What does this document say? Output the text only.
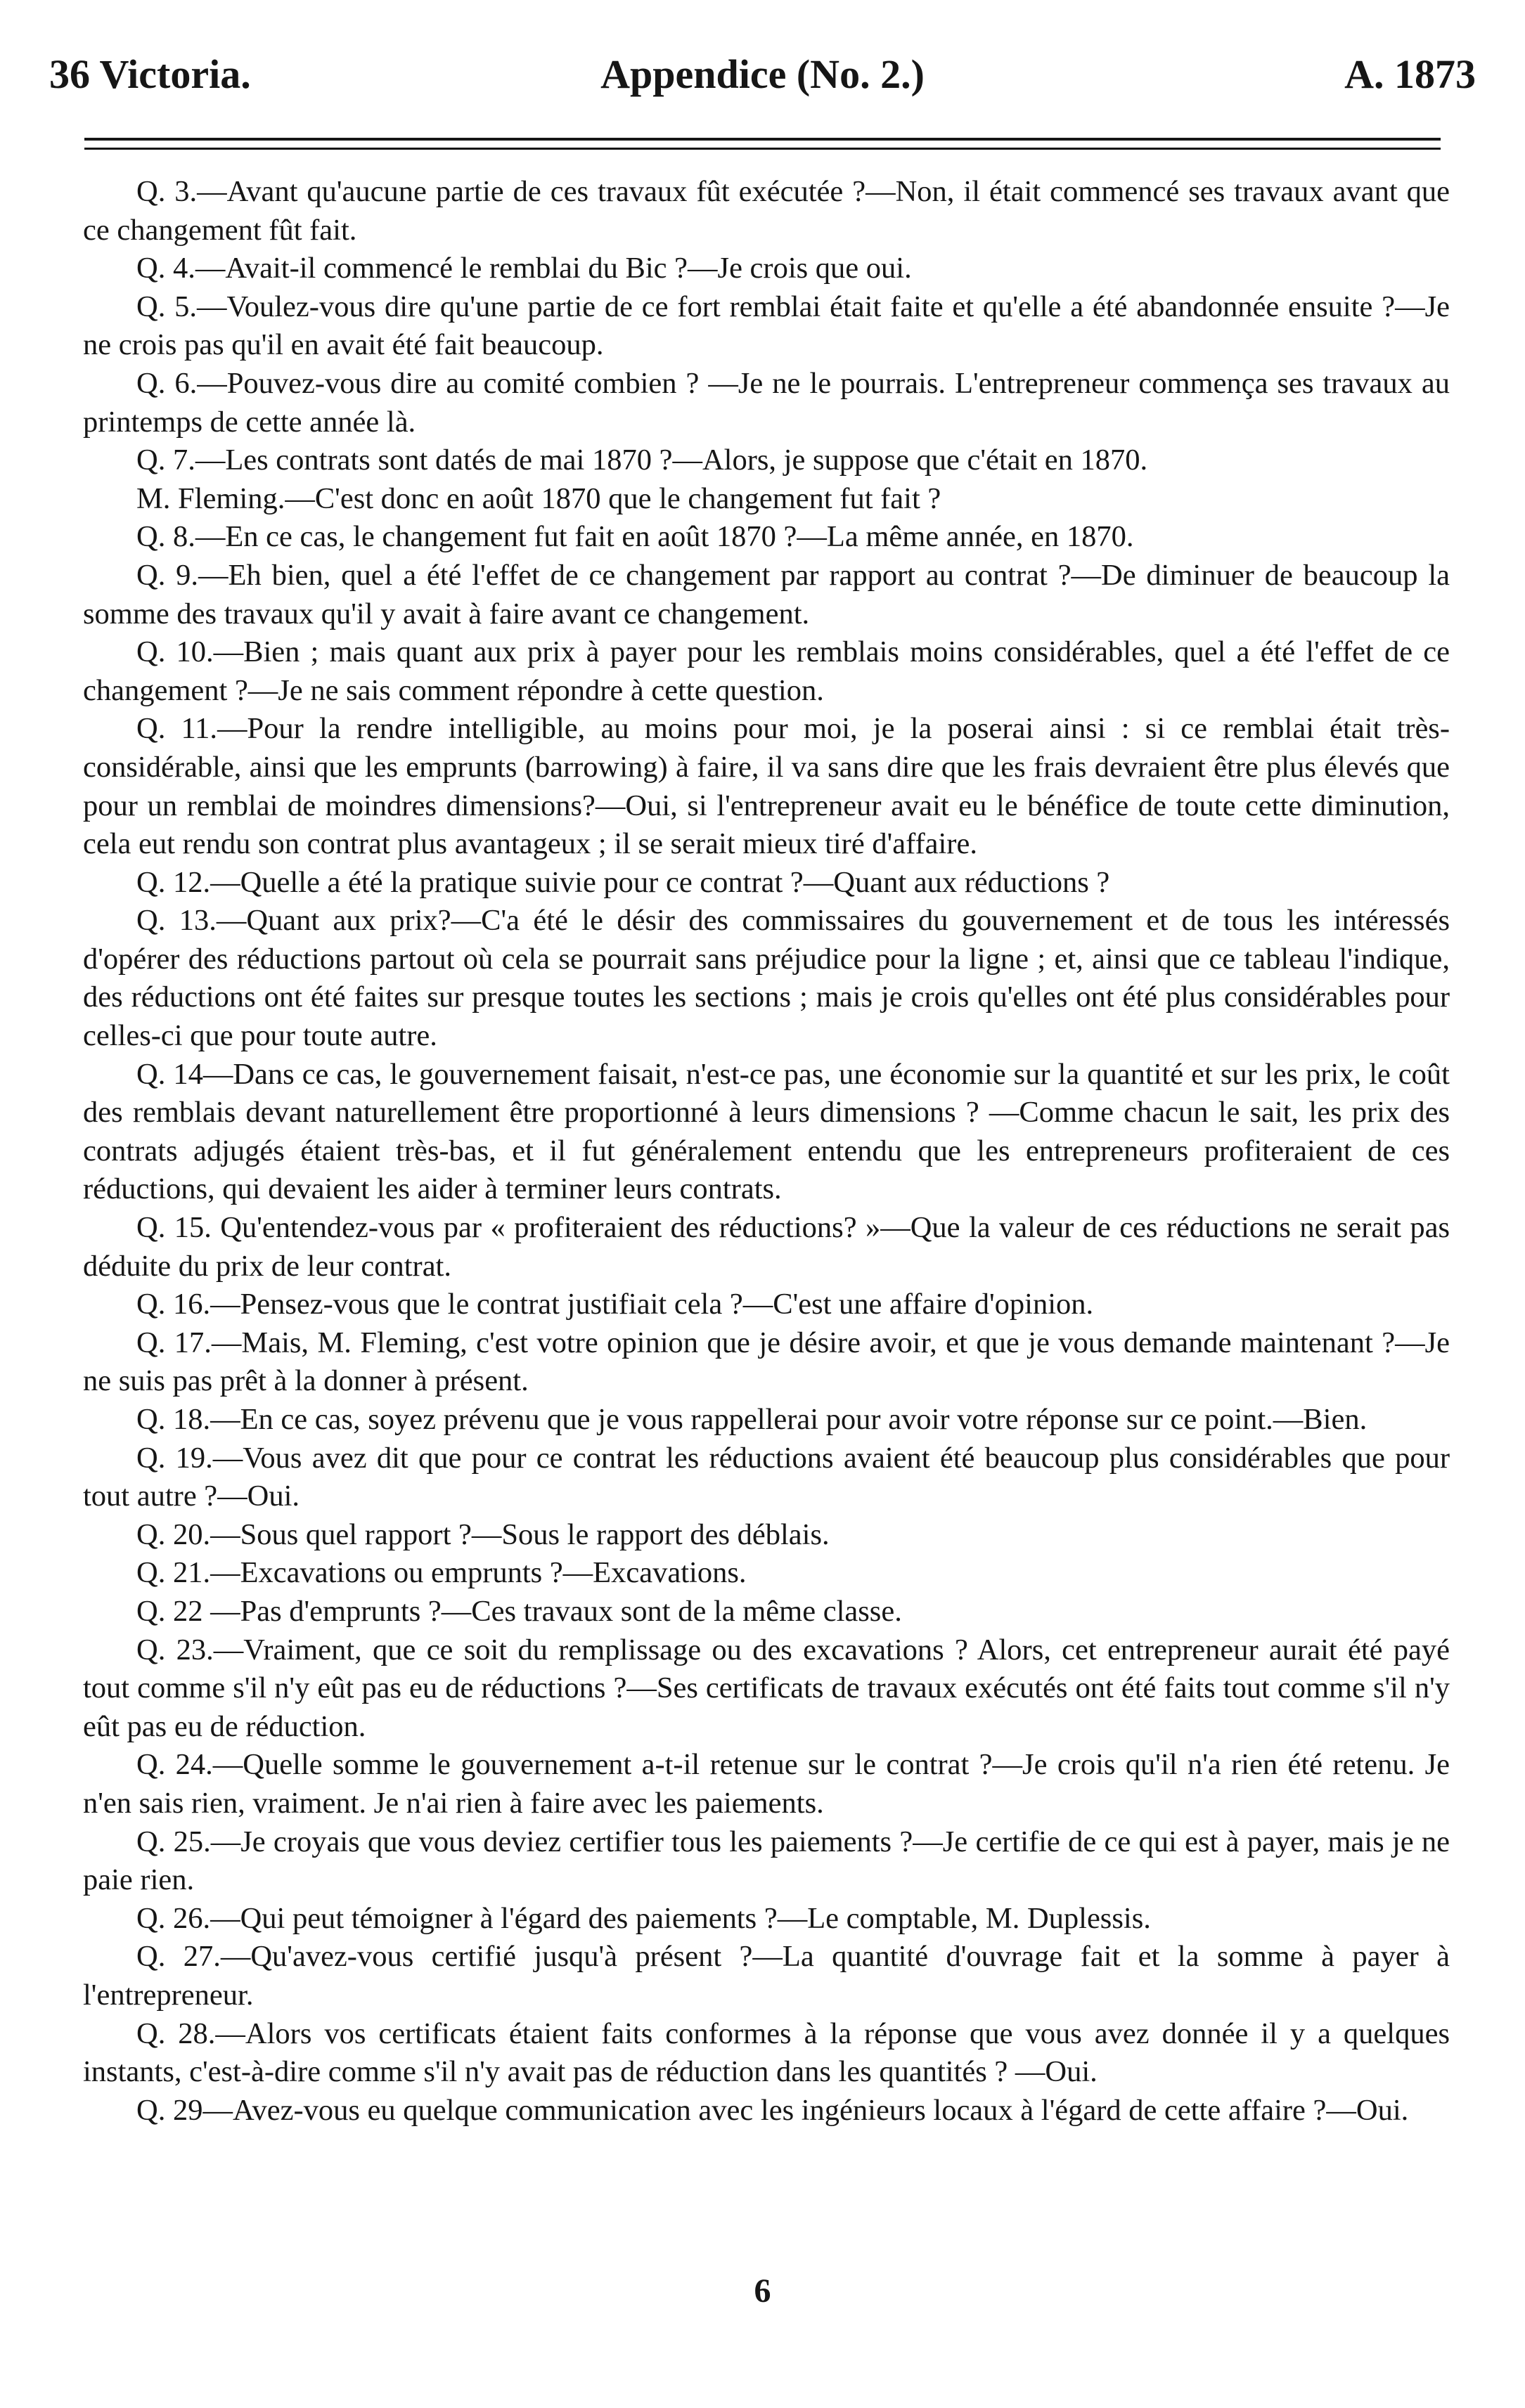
36 Victoria.	Appendice (No. 2.)	A. 1873

Q. 3.—Avant qu'aucune partie de ces travaux fût exécutée ?—Non, il était commencé ses travaux avant que ce changement fût fait.

Q. 4.—Avait-il commencé le remblai du Bic ?—Je crois que oui.

Q. 5.—Voulez-vous dire qu'une partie de ce fort remblai était faite et qu'elle a été abandonnée ensuite ?—Je ne crois pas qu'il en avait été fait beaucoup.

Q. 6.—Pouvez-vous dire au comité combien ? —Je ne le pourrais. L'entrepreneur commença ses travaux au printemps de cette année là.

Q. 7.—Les contrats sont datés de mai 1870 ?—Alors, je suppose que c'était en 1870.

M. Fleming.—C'est donc en août 1870 que le changement fut fait ?

Q. 8.—En ce cas, le changement fut fait en août 1870 ?—La même année, en 1870.

Q. 9.—Eh bien, quel a été l'effet de ce changement par rapport au contrat ?—De diminuer de beaucoup la somme des travaux qu'il y avait à faire avant ce changement.

Q. 10.—Bien ; mais quant aux prix à payer pour les remblais moins considérables, quel a été l'effet de ce changement ?—Je ne sais comment répondre à cette question.

Q. 11.—Pour la rendre intelligible, au moins pour moi, je la poserai ainsi : si ce remblai était très-considérable, ainsi que les emprunts (barrowing) à faire, il va sans dire que les frais devraient être plus élevés que pour un remblai de moindres dimensions?—Oui, si l'entrepreneur avait eu le bénéfice de toute cette diminution, cela eut rendu son contrat plus avantageux ; il se serait mieux tiré d'affaire.

Q. 12.—Quelle a été la pratique suivie pour ce contrat ?—Quant aux réductions ?

Q. 13.—Quant aux prix?—C'a été le désir des commissaires du gouvernement et de tous les intéressés d'opérer des réductions partout où cela se pourrait sans préjudice pour la ligne ; et, ainsi que ce tableau l'indique, des réductions ont été faites sur presque toutes les sections ; mais je crois qu'elles ont été plus considérables pour celles-ci que pour toute autre.

Q. 14—Dans ce cas, le gouvernement faisait, n'est-ce pas, une économie sur la quantité et sur les prix, le coût des remblais devant naturellement être proportionné à leurs dimensions ? —Comme chacun le sait, les prix des contrats adjugés étaient très-bas, et il fut généralement entendu que les entrepreneurs profiteraient de ces réductions, qui devaient les aider à terminer leurs contrats.

Q. 15. Qu'entendez-vous par « profiteraient des réductions? »—Que la valeur de ces réductions ne serait pas déduite du prix de leur contrat.

Q. 16.—Pensez-vous que le contrat justifiait cela ?—C'est une affaire d'opinion.

Q. 17.—Mais, M. Fleming, c'est votre opinion que je désire avoir, et que je vous demande maintenant ?—Je ne suis pas prêt à la donner à présent.

Q. 18.—En ce cas, soyez prévenu que je vous rappellerai pour avoir votre réponse sur ce point.—Bien.

Q. 19.—Vous avez dit que pour ce contrat les réductions avaient été beaucoup plus considérables que pour tout autre ?—Oui.

Q. 20.—Sous quel rapport ?—Sous le rapport des déblais.

Q. 21.—Excavations ou emprunts ?—Excavations.

Q. 22 —Pas d'emprunts ?—Ces travaux sont de la même classe.

Q. 23.—Vraiment, que ce soit du remplissage ou des excavations ? Alors, cet entrepreneur aurait été payé tout comme s'il n'y eût pas eu de réductions ?—Ses certificats de travaux exécutés ont été faits tout comme s'il n'y eût pas eu de réduction.

Q. 24.—Quelle somme le gouvernement a-t-il retenue sur le contrat ?—Je crois qu'il n'a rien été retenu. Je n'en sais rien, vraiment. Je n'ai rien à faire avec les paiements.

Q. 25.—Je croyais que vous deviez certifier tous les paiements ?—Je certifie de ce qui est à payer, mais je ne paie rien.

Q. 26.—Qui peut témoigner à l'égard des paiements ?—Le comptable, M. Duplessis.

Q. 27.—Qu'avez-vous certifié jusqu'à présent ?—La quantité d'ouvrage fait et la somme à payer à l'entrepreneur.

Q. 28.—Alors vos certificats étaient faits conformes à la réponse que vous avez donnée il y a quelques instants, c'est-à-dire comme s'il n'y avait pas de réduction dans les quantités ? —Oui.

Q. 29—Avez-vous eu quelque communication avec les ingénieurs locaux à l'égard de cette affaire ?—Oui.

6
